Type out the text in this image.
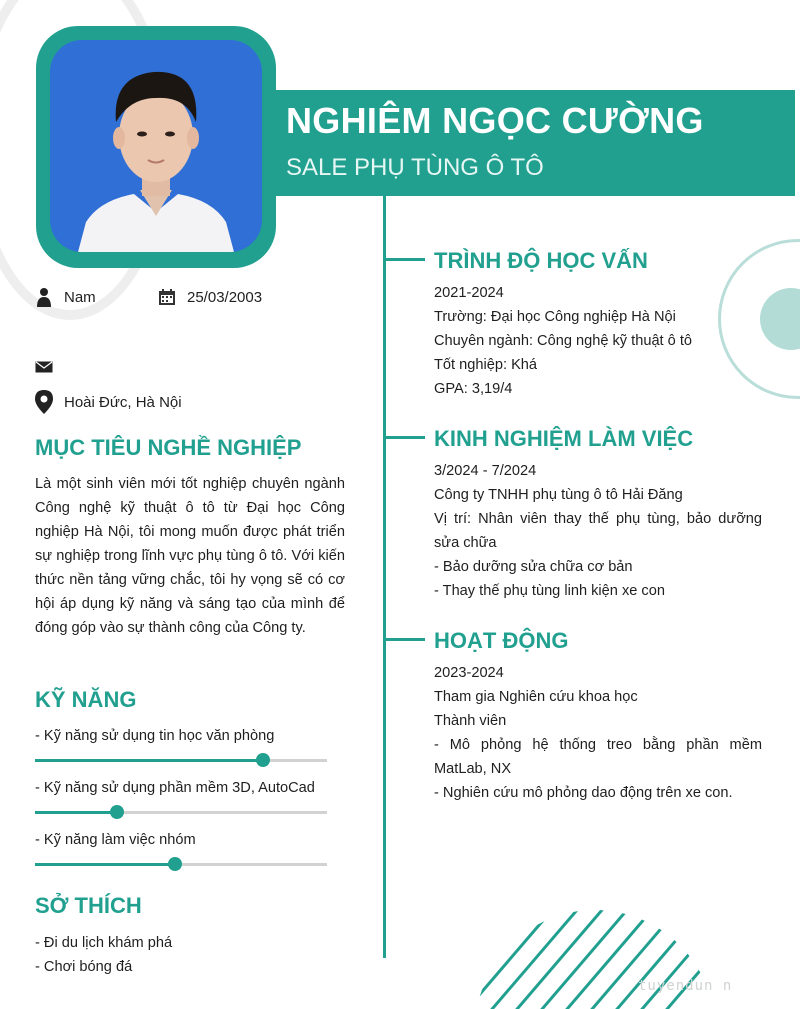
NGHIÊM NGỌC CƯỜNG
SALE PHỤ TÙNG Ô TÔ
Nam	25/03/2003
Hoài Đức, Hà Nội
MỤC TIÊU NGHỀ NGHIỆP
Là một sinh viên mới tốt nghiệp chuyên ngành Công nghệ kỹ thuật ô tô từ Đại học Công nghiệp Hà Nội, tôi mong muốn được phát triển sự nghiệp trong lĩnh vực phụ tùng ô tô. Với kiến thức nền tảng vững chắc, tôi hy vọng sẽ có cơ hội áp dụng kỹ năng và sáng tạo của mình để đóng góp vào sự thành công của Công ty.
KỸ NĂNG
- Kỹ năng sử dụng tin học văn phòng
- Kỹ năng sử dụng phần mềm 3D, AutoCad
- Kỹ năng làm việc nhóm
SỞ THÍCH
- Đi du lịch khám phá
- Chơi bóng đá
TRÌNH ĐỘ HỌC VẤN
2021-2024
Trường: Đại học Công nghiệp Hà Nội
Chuyên ngành: Công nghệ kỹ thuật ô tô
Tốt nghiệp: Khá
GPA: 3,19/4
KINH NGHIỆM LÀM VIỆC
3/2024 - 7/2024
Công ty TNHH phụ tùng ô tô Hải Đăng
Vị trí: Nhân viên thay thế phụ tùng, bảo dưỡng sửa chữa
- Bảo dưỡng sửa chữa cơ bản
- Thay thế phụ tùng linh kiện xe con
HOẠT ĐỘNG
2023-2024
Tham gia Nghiên cứu khoa học
Thành viên
- Mô phỏng hệ thống treo bằng phần mềm MatLab, NX
- Nghiên cứu mô phỏng dao động trên xe con.
tuyendun n
